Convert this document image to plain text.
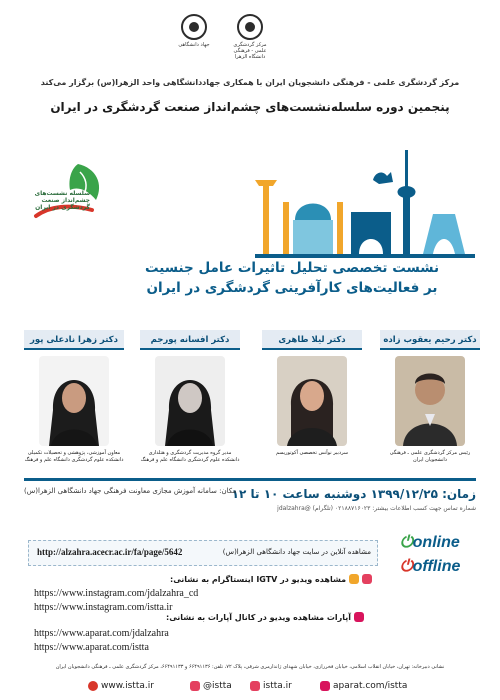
مرکز گردشگری علمی - فرهنگی دانشگاه الزهرا
جهاد دانشگاهی
مرکز گردشگری علمی - فرهنگی دانشجویان ایران با همکاری جهاددانشگاهی واحد الزهرا(س) برگزار می‌کند
پنجمین دوره سلسله‌نشست‌های چشم‌انداز صنعت گردشگری در ایران
سلسله نشست‌های چشم‌انداز صنعت گردشگری در ایران
نشست تخصصی تحلیل تاثیرات عامل جنسیت
بر فعالیت‌های کارآفرینی گردشگری در ایران
دکتر رحیم یعقوب زاده
دکتر لیلا طاهری
دکتر افسانه پورجم
دکتر زهرا نادعلی پور
رئیس مرکز گردشگری علمی ـ فرهنگی دانشجویان ایران
سردبیر نوآنس تخصصی آکوتوریسم
مدیر گروه مدیریت گردشگری و هتلداری دانشکده علوم گردشگری دانشگاه علم و فرهنگ
معاون آموزشی، پژوهشی و تحصیلات تکمیلی دانشکده علوم گردشگری دانشگاه علم و فرهنگ
زمان: ۱۳۹۹/۱۲/۲۵ دوشنبه ساعت ۱۰ تا ۱۲
مکان: سامانه آموزش مجازی معاونت فرهنگی جهاد دانشگاهی الزهرا(س)
شماره تماس جهت کسب اطلاعات بیشتر: ۰۲۱۸۸۷۱۶۰۲۳ (تلگرام) @jdalzahra
http://alzahra.acecr.ac.ir/fa/page/5642	مشاهده آنلاین در سایت جهاد دانشگاهی الزهرا(س)
⏻online
⏻offline
مشاهده ویدیو در IGTV اینستاگرام به نشانی:
https://www.instagram.com/jdalzahra_cd
https://www.instagram.com/istta.ir
آپارات مشاهده ویدیو در کانال آپارات به نشانی:
https://www.aparat.com/jdalzahra
https://www.aparat.com/istta
نشانی دبیرخانه: تهران، خیابان انقلاب اسلامی، خیابان فخررازی، خیابان شهدای ژاندارمری شرقی، پلاک ۷۲، تلفن: ۶۶۴۹۱۱۳۶ و ۶۶۴۹۱۱۳۳، مرکز گردشگری علمی ـ فرهنگی دانشجویان ایران
www.istta.ir	@istta	istta.ir	aparat.com/istta
